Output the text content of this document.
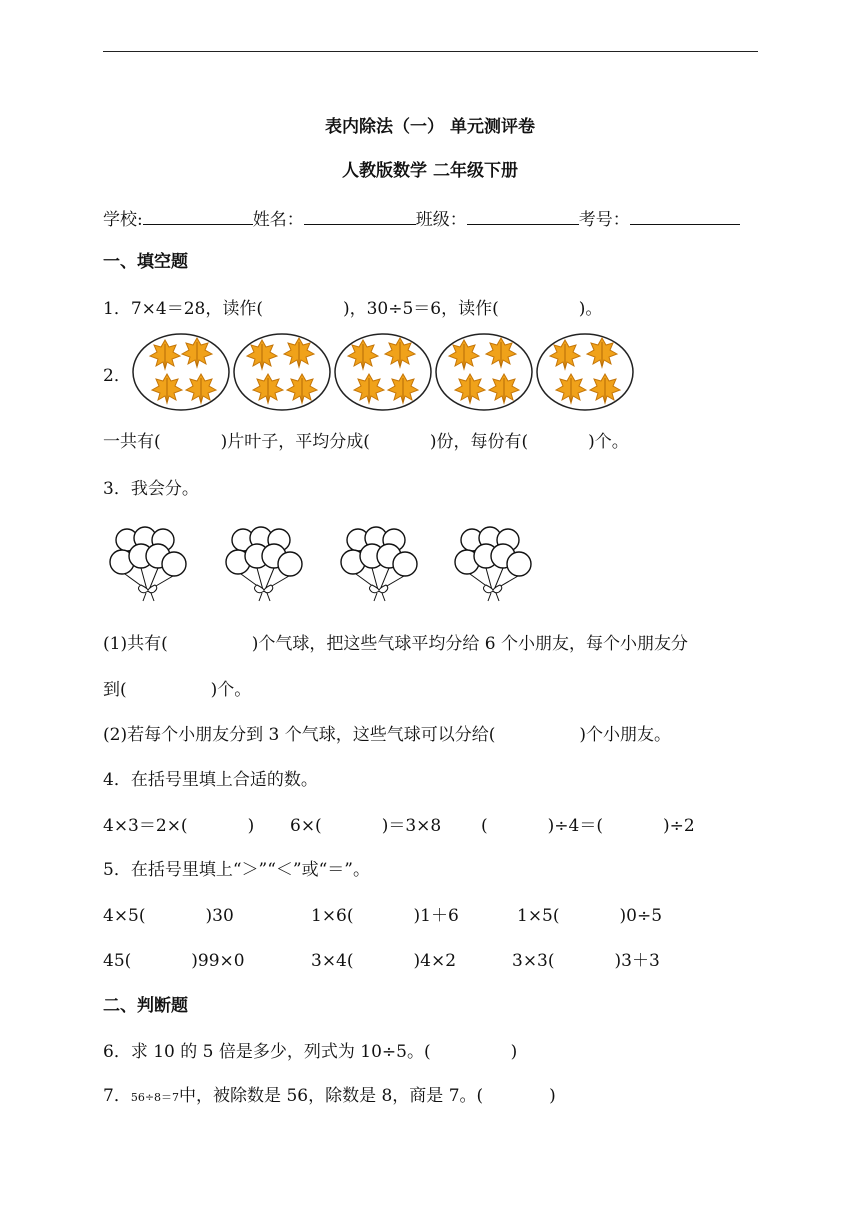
表内除法（一） 单元测评卷
人教版数学 二年级下册
学校:	姓名：	班级：	考号：
一、填空题
1．7×4＝28，读作(	)，30÷5＝6，读作(	)。
2．
一共有(	)片叶子，平均分成(	)份，每份有(	)个。
3．我会分。
(1)共有(	)个气球，把这些气球平均分给 6 个小朋友，每个小朋友分
到(	)个。
(2)若每个小朋友分到 3 个气球，这些气球可以分给(	)个小朋友。
4．在括号里填上合适的数。
4×3＝2×(	) 6×(	)＝3×8 (	)÷4＝(	)÷2
5．在括号里填上“＞”“＜”或“＝”。
4×5(	)30	1×6(	)1＋6	1×5(	)0÷5
45(	)99×0	3×4(	)4×2	3×3(	)3＋3
二、判断题
6．求 10 的 5 倍是多少，列式为 10÷5。(	)
7．56÷8＝7中，被除数是 56，除数是 8，商是 7。(	)
